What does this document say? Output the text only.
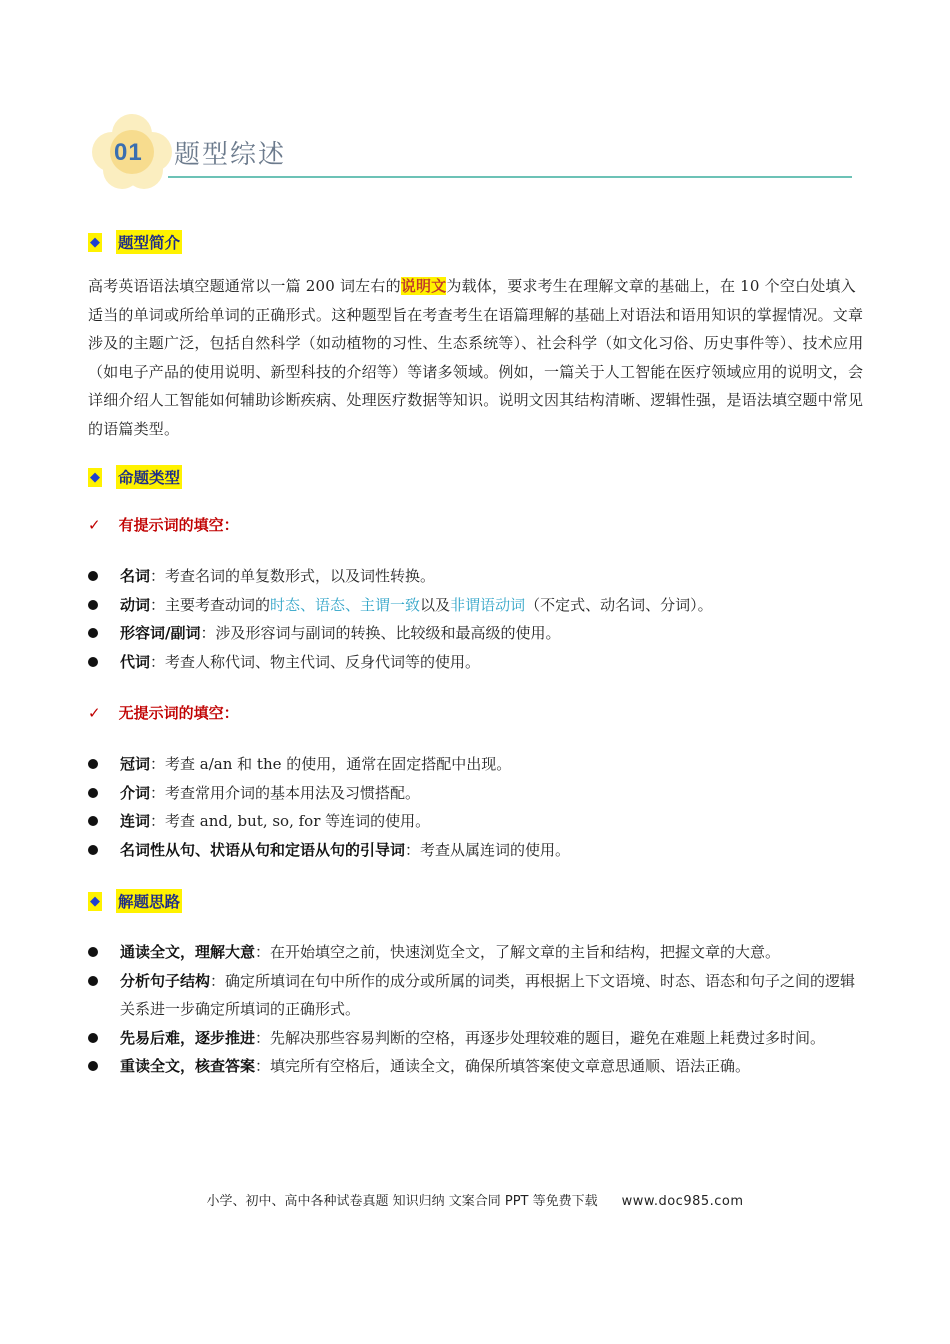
01 题型综述
◆ 题型简介
高考英语语法填空题通常以一篇 200 词左右的说明文为载体，要求考生在理解文章的基础上，在 10 个空白处填入适当的单词或所给单词的正确形式。这种题型旨在考查考生在语篇理解的基础上对语法和语用知识的掌握情况。文章涉及的主题广泛，包括自然科学（如动植物的习性、生态系统等）、社会科学（如文化习俗、历史事件等）、技术应用（如电子产品的使用说明、新型科技的介绍等）等诸多领域。例如，一篇关于人工智能在医疗领域应用的说明文，会详细介绍人工智能如何辅助诊断疾病、处理医疗数据等知识。说明文因其结构清晰、逻辑性强，是语法填空题中常见的语篇类型。
◆ 命题类型
✓ 有提示词的填空：
名词：考查名词的单复数形式，以及词性转换。
动词：主要考查动词的时态、语态、主谓一致以及非谓语动词（不定式、动名词、分词）。
形容词/副词：涉及形容词与副词的转换、比较级和最高级的使用。
代词：考查人称代词、物主代词、反身代词等的使用。
✓ 无提示词的填空：
冠词：考查 a/an 和 the 的使用，通常在固定搭配中出现。
介词：考查常用介词的基本用法及习惯搭配。
连词：考查 and, but, so, for 等连词的使用。
名词性从句、状语从句和定语从句的引导词：考查从属连词的使用。
◆ 解题思路
通读全文，理解大意：在开始填空之前，快速浏览全文，了解文章的主旨和结构，把握文章的大意。
分析句子结构：确定所填词在句中所作的成分或所属的词类，再根据上下文语境、时态、语态和句子之间的逻辑关系进一步确定所填词的正确形式。
先易后难，逐步推进：先解决那些容易判断的空格，再逐步处理较难的题目，避免在难题上耗费过多时间。
重读全文，核查答案：填完所有空格后，通读全文，确保所填答案使文章意思通顺、语法正确。
小学、初中、高中各种试卷真题 知识归纳 文案合同 PPT 等免费下载 www.doc985.com
